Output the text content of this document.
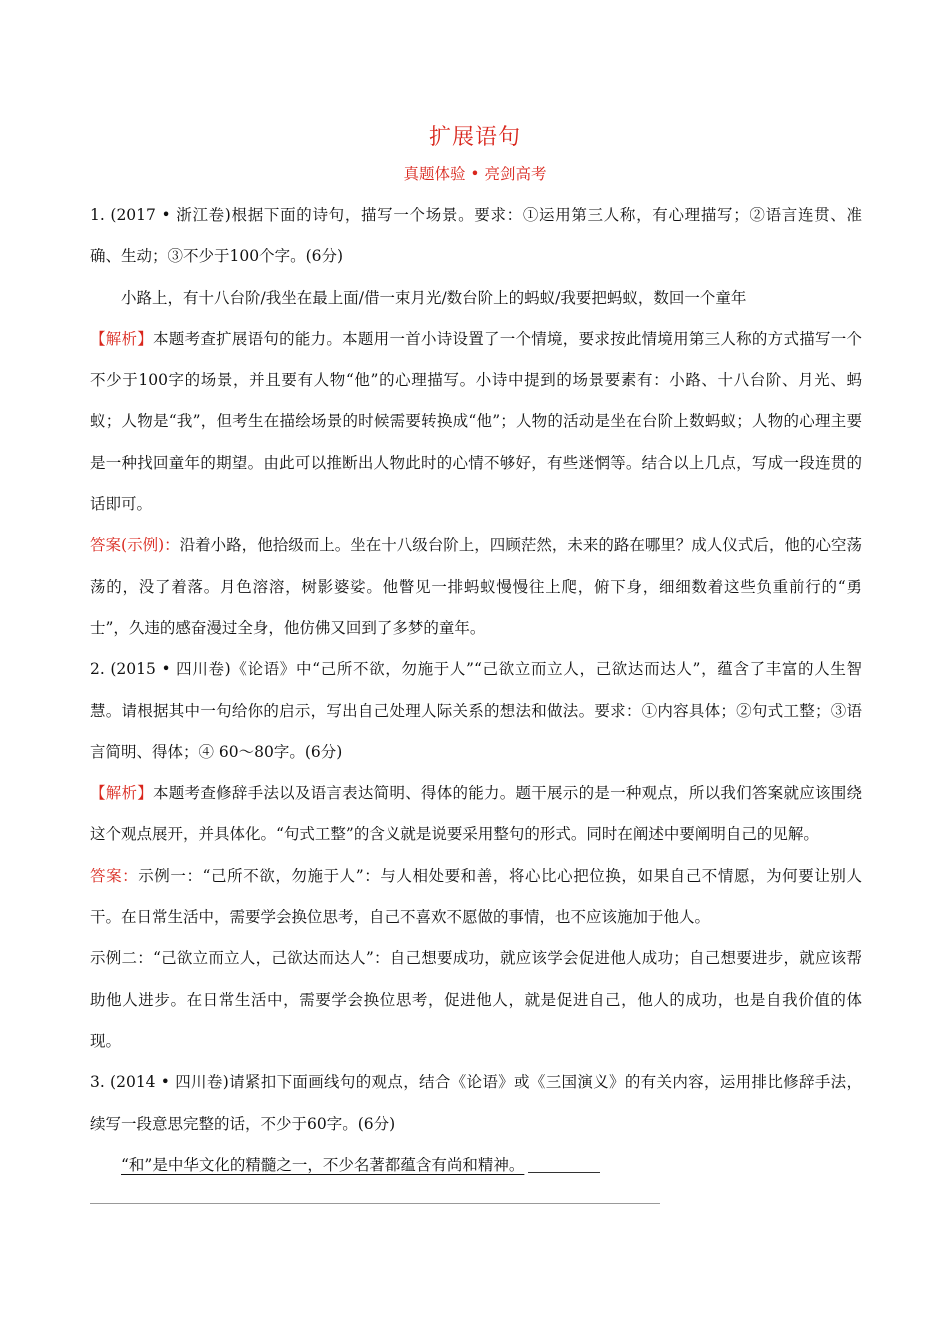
扩展语句
真题体验 • 亮剑高考

1. (2017 • 浙江卷)根据下面的诗句，描写一个场景。要求：①运用第三人称，有心理描写；②语言连贯、准确、生动；③不少于100个字。(6分)

小路上，有十八台阶/我坐在最上面/借一束月光/数台阶上的蚂蚁/我要把蚂蚁，数回一个童年

【解析】本题考查扩展语句的能力。本题用一首小诗设置了一个情境，要求按此情境用第三人称的方式描写一个不少于100字的场景，并且要有人物“他”的心理描写。小诗中提到的场景要素有：小路、十八台阶、月光、蚂蚁；人物是“我”，但考生在描绘场景的时候需要转换成“他”；人物的活动是坐在台阶上数蚂蚁；人物的心理主要是一种找回童年的期望。由此可以推断出人物此时的心情不够好，有些迷惘等。结合以上几点，写成一段连贯的话即可。

答案(示例)：沿着小路，他拾级而上。坐在十八级台阶上，四顾茫然，未来的路在哪里？成人仪式后，他的心空荡荡的，没了着落。月色溶溶，树影婆娑。他瞥见一排蚂蚁慢慢往上爬，俯下身，细细数着这些负重前行的“勇士”，久违的感奋漫过全身，他仿佛又回到了多梦的童年。

2. (2015 • 四川卷)《论语》中“己所不欲，勿施于人”“己欲立而立人，己欲达而达人”，蕴含了丰富的人生智慧。请根据其中一句给你的启示，写出自己处理人际关系的想法和做法。要求：①内容具体；②句式工整；③语言简明、得体；④ 60～80字。(6分)

【解析】本题考查修辞手法以及语言表达简明、得体的能力。题干展示的是一种观点，所以我们答案就应该围绕这个观点展开，并具体化。“句式工整”的含义就是说要采用整句的形式。同时在阐述中要阐明自己的见解。

答案：示例一：“己所不欲，勿施于人”：与人相处要和善，将心比心把位换，如果自己不情愿，为何要让别人干。在日常生活中，需要学会换位思考，自己不喜欢不愿做的事情，也不应该施加于他人。

示例二：“己欲立而立人，己欲达而达人”：自己想要成功，就应该学会促进他人成功；自己想要进步，就应该帮助他人进步。在日常生活中，需要学会换位思考，促进他人，就是促进自己，他人的成功，也是自我价值的体现。

3. (2014 • 四川卷)请紧扣下面画线句的观点，结合《论语》或《三国演义》的有关内容，运用排比修辞手法，续写一段意思完整的话，不少于60字。(6分)

“和”是中华文化的精髓之一，不少名著都蕴含有尚和精神。
